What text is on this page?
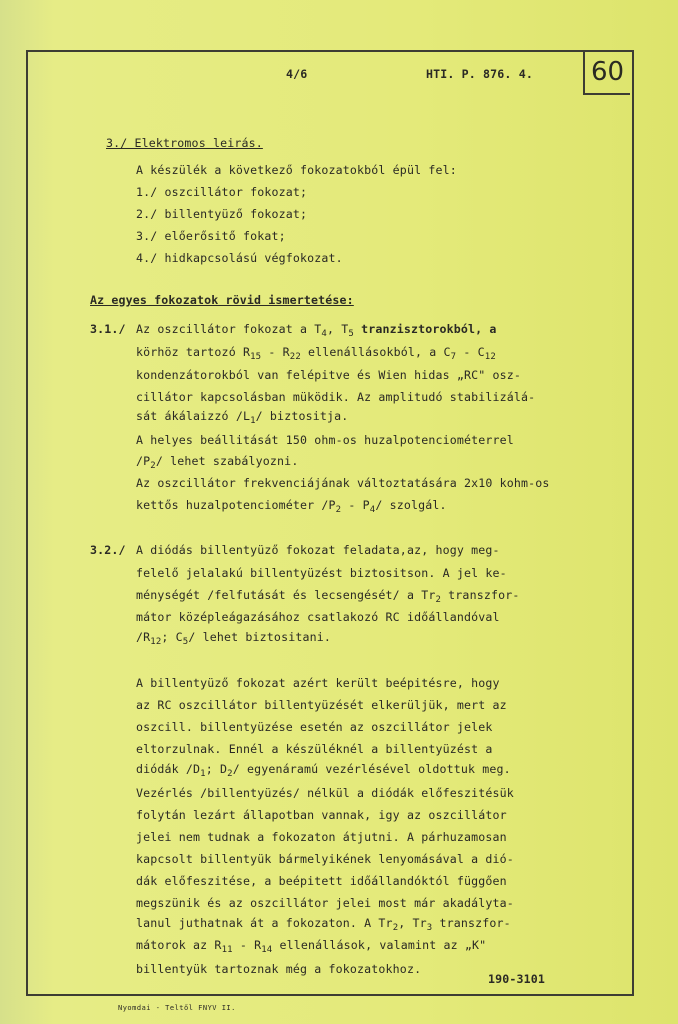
60
4/6	HTI. P. 876. 4.
3./ Elektromos leirás.
A készülék a következő fokozatokból épül fel:
1./ oszcillátor fokozat;
2./ billentyüző fokozat;
3./ előerősitő fokat;
4./ hidkapcsolású végfokozat.
Az egyes fokozatok rövid ismertetése:
3.1./ Az oszcillátor fokozat a $T_4$, $T_5$ tranzisztorokból, a
körhöz tartozó $R_{15} - R_{22}$ ellenállásokból, a $C_7 - C_{12}$
kondenzátorokból van felépitve és Wien hidas „RC" osz-
cillátor kapcsolásban müködik. Az amplitudó stabilizálá-
sát ákálaizzó $/L_1/$ biztositja.
A helyes beállitását 150 ohm-os huzalpotenciométerrel
$/P_2/$ lehet szabályozni.
Az oszcillátor frekvenciájának változtatására 2x10 kohm-os
kettős huzalpotenciométer $/P_2 - P_4/$ szolgál.
3.2./ A diódás billentyüző fokozat feladata,az, hogy meg-
felelő jelalakú billentyüzést biztositson. A jel ke-
ménységét /felfutását és lecsengését/ a $Tr_2$ transzfor-
mátor középleágazásához csatlakozó RC időállandóval
$/R_{12}$; $C_5/$ lehet biztositani.
A billentyüző fokozat azért került beépitésre, hogy
az RC oszcillátor billentyüzését elkerüljük, mert az
oszcill. billentyüzése esetén az oszcillátor jelek
eltorzulnak. Ennél a készüléknél a billentyüzést a
diódák $/D_1$; $D_2/$ egyenáramú vezérlésével oldottuk meg.
Vezérlés /billentyüzés/ nélkül a diódák előfeszitésük
folytán lezárt állapotban vannak, igy az oszcillátor
jelei nem tudnak a fokozaton átjutni. A párhuzamosan
kapcsolt billentyük bármelyikének lenyomásával a dió-
dák előfeszitése, a beépitett időállandóktól függően
megszünik és az oszcillátor jelei most már akadályta-
lanul juthatnak át a fokozaton. A $Tr_2$, $Tr_3$ transzfor-
mátorok az $R_{11} - R_{14}$ ellenállások, valamint az „K"
billentyük tartoznak még a fokozatokhoz.
190-3101
Nyomdai - Teltől FNYV II.
